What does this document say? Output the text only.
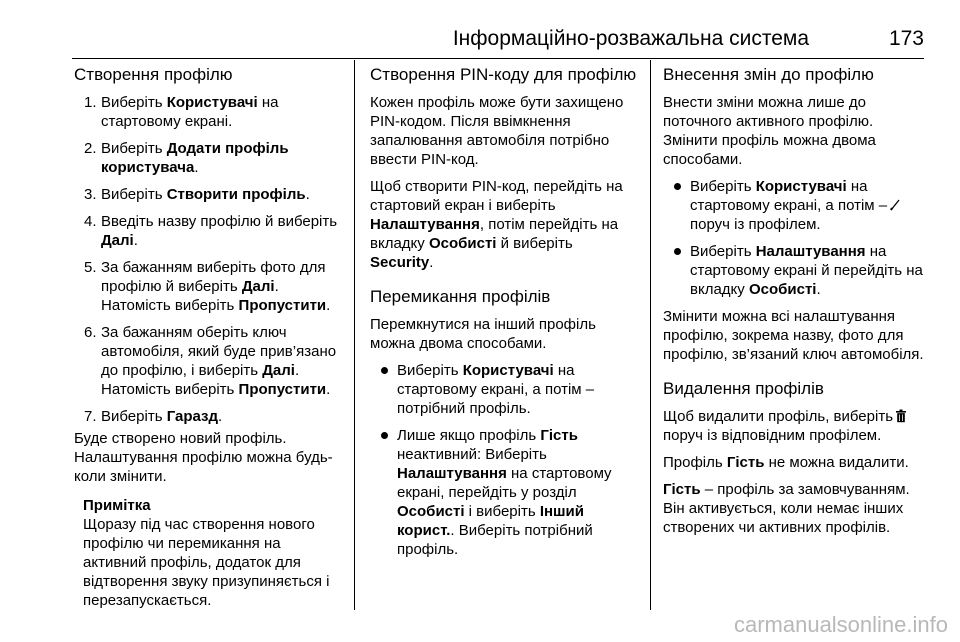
Інформаційно-розважальна система	173
Створення профілю
1. Виберіть Користувачі на стартовому екрані.
2. Виберіть Додати профіль користувача.
3. Виберіть Створити профіль.
4. Введіть назву профілю й виберіть Далі.
5. За бажанням виберіть фото для профілю й виберіть Далі. Натомість виберіть Пропустити.
6. За бажанням оберіть ключ автомобіля, який буде прив’язано до профілю, і виберіть Далі. Натомість виберіть Пропустити.
7. Виберіть Гаразд.

Буде створено новий профіль. Налаштування профілю можна будь-коли змінити.

Примітка
Щоразу під час створення нового профілю чи перемикання на активний профіль, додаток для відтворення звуку призупиняється і перезапускається.
Створення PIN-коду для профілю

Кожен профіль може бути захищено PIN-кодом. Після ввімкнення запалювання автомобіля потрібно ввести PIN-код.

Щоб створити PIN-код, перейдіть на стартовий екран і виберіть Налаштування, потім перейдіть на вкладку Особисті й виберіть Security.

Перемикання профілів

Перемкнутися на інший профіль можна двома способами.

Виберіть Користувачі на стартовому екрані, а потім – потрібний профіль.
Лише якщо профіль Гість неактивний: Виберіть Налаштування на стартовому екрані, перейдіть у розділ Особисті і виберіть Інший корист.. Виберіть потрібний профіль.
Внесення змін до профілю

Внести зміни можна лише до поточного активного профілю. Змінити профіль можна двома способами.

Виберіть Користувачі на стартовому екрані, а потім – поруч із профілем.
Виберіть Налаштування на стартовому екрані й перейдіть на вкладку Особисті.

Змінити можна всі налаштування профілю, зокрема назву, фото для профілю, зв’язаний ключ автомобіля.

Видалення профілів

Щоб видалити профіль, виберіть поруч із відповідним профілем.

Профіль Гість не можна видалити.

Гість – профіль за замовчуванням. Він активується, коли немає інших створених чи активних профілів.

carmanualsonline.info
